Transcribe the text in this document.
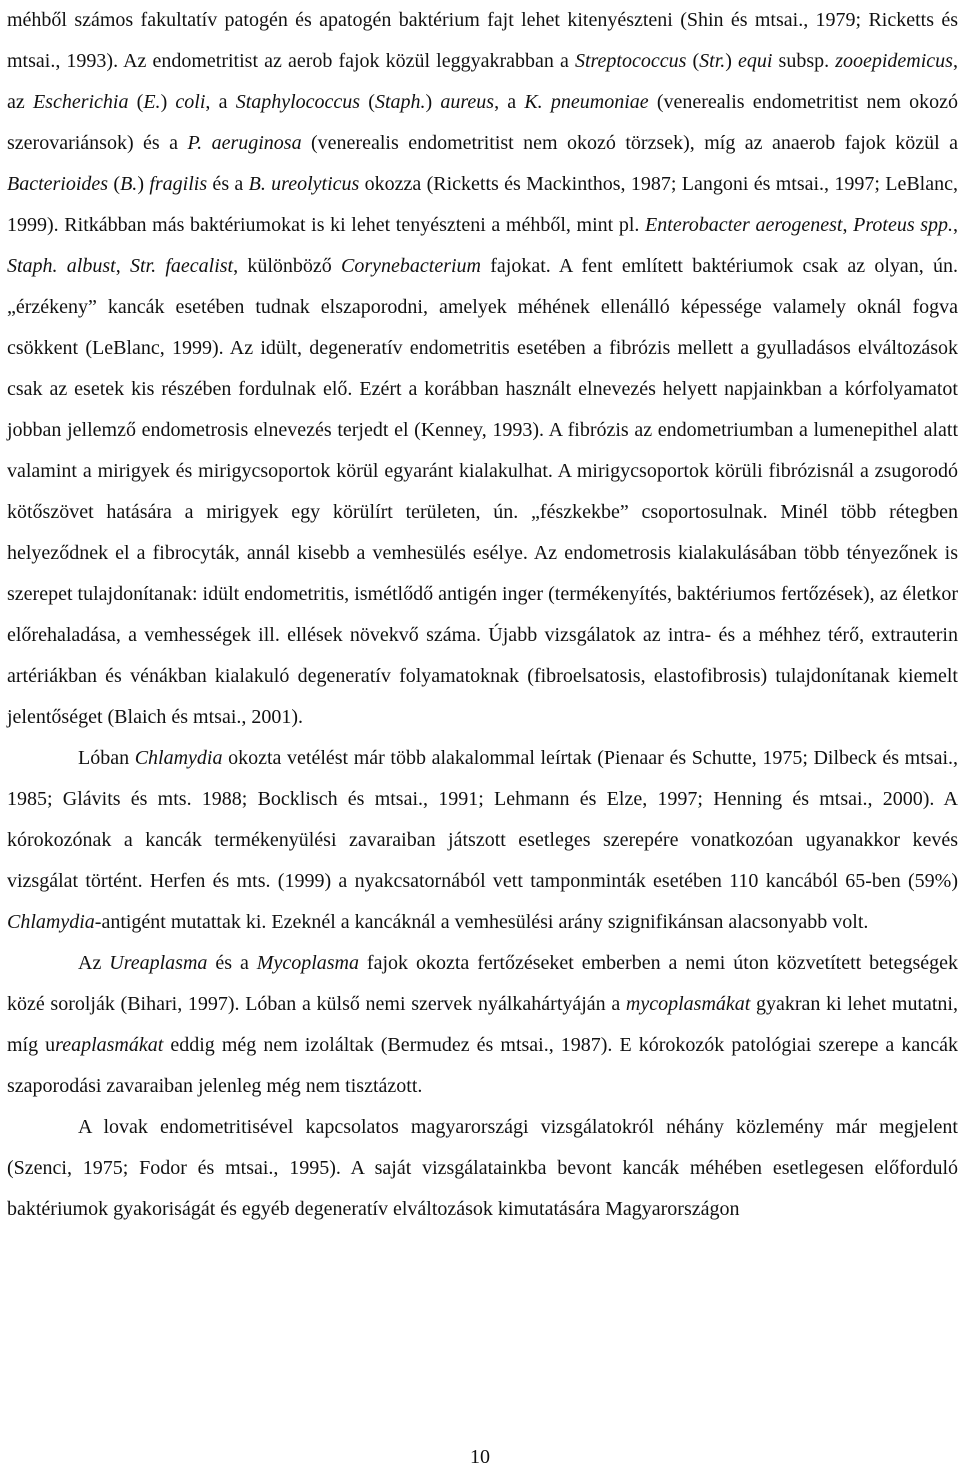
méhből számos fakultatív patogén és apatogén baktérium fajt lehet kitenyészteni (Shin és mtsai., 1979; Ricketts és mtsai., 1993). Az endometritist az aerob fajok közül leggyakrabban a Streptococcus (Str.) equi subsp. zooepidemicus, az Escherichia (E.) coli, a Staphylococcus (Staph.) aureus, a K. pneumoniae (venerealis endometritist nem okozó szerovariánsok) és a P. aeruginosa (venerealis endometritist nem okozó törzsek), míg az anaerob fajok közül a Bacterioides (B.) fragilis és a B. ureolyticus okozza (Ricketts és Mackinthos, 1987; Langoni és mtsai., 1997; LeBlanc, 1999). Ritkábban más baktériumokat is ki lehet tenyészteni a méhből, mint pl. Enterobacter aerogenest, Proteus spp., Staph. albust, Str. faecalist, különböző Corynebacterium fajokat. A fent említett baktériumok csak az olyan, ún. „érzékeny” kancák esetében tudnak elszaporodni, amelyek méhének ellenálló képessége valamely oknál fogva csökkent (LeBlanc, 1999). Az idült, degeneratív endometritis esetében a fibrózis mellett a gyulladásos elváltozások csak az esetek kis részében fordulnak elő. Ezért a korábban használt elnevezés helyett napjainkban a kórfolyamatot jobban jellemző endometrosis elnevezés terjedt el (Kenney, 1993). A fibrózis az endometriumban a lumenepithel alatt valamint a mirigyek és mirigycsoportok körül egyaránt kialakulhat. A mirigycsoportok körüli fibrózisnál a zsugorodó kötőszövet hatására a mirigyek egy körülírt területen, ún. „fészkekbe” csoportosulnak. Minél több rétegben helyeződnek el a fibrocyták, annál kisebb a vemhesülés esélye. Az endometrosis kialakulásában több tényezőnek is szerepet tulajdonítanak: idült endometritis, ismétlődő antigén inger (termékenyítés, baktériumos fertőzések), az életkor előrehaladása, a vemhességek ill. ellések növekvő száma. Újabb vizsgálatok az intra- és a méhhez térő, extrauterin artériákban és vénákban kialakuló degeneratív folyamatoknak (fibroelsatosis, elastofibrosis) tulajdonítanak kiemelt jelentőséget (Blaich és mtsai., 2001).

Lóban Chlamydia okozta vetélést már több alakalommal leírtak (Pienaar és Schutte, 1975; Dilbeck és mtsai., 1985; Glávits és mts. 1988; Bocklisch és mtsai., 1991; Lehmann és Elze, 1997; Henning és mtsai., 2000). A kórokozónak a kancák termékenyülési zavaraiban játszott esetleges szerepére vonatkozóan ugyanakkor kevés vizsgálat történt. Herfen és mts. (1999) a nyakcsatornából vett tamponminták esetében 110 kancából 65-ben (59%) Chlamydia-antigént mutattak ki. Ezeknél a kancáknál a vemhesülési arány szignifikánsan alacsonyabb volt.

Az Ureaplasma és a Mycoplasma fajok okozta fertőzéseket emberben a nemi úton közvetített betegségek közé sorolják (Bihari, 1997). Lóban a külső nemi szervek nyálkahártyáján a mycoplasmákat gyakran ki lehet mutatni, míg ureaplasmákat eddig még nem izoláltak (Bermudez és mtsai., 1987). E kórokozók patológiai szerepe a kancák szaporodási zavaraiban jelenleg még nem tisztázott.

A lovak endometritisével kapcsolatos magyarországi vizsgálatokról néhány közlemény már megjelent (Szenci, 1975; Fodor és mtsai., 1995). A saját vizsgálatainkba bevont kancák méhében esetlegesen előforduló baktériumok gyakoriságát és egyéb degeneratív elváltozások kimutatására Magyarországon

10
